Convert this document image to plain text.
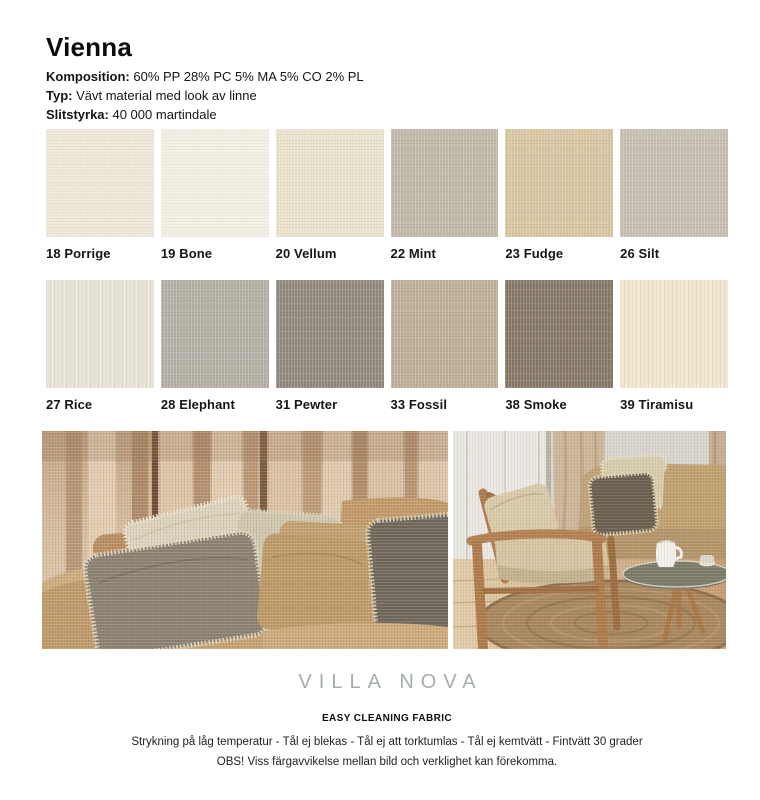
Vienna
Komposition: 60% PP 28% PC 5% MA 5% CO 2% PL
Typ: Vävt material med look av linne
Slitstyrka: 40 000 martindale
18 Porrige	19 Bone	20 Vellum	22 Mint	23 Fudge	26 Silt
27 Rice	28 Elephant	31 Pewter	33 Fossil	38 Smoke	39 Tiramisu
VILLA NOVA
EASY CLEANING FABRIC
Strykning på låg temperatur - Tål ej blekas - Tål ej att torktumlas - Tål ej kemtvätt - Fintvätt 30 grader
OBS! Viss färgavvikelse mellan bild och verklighet kan förekomma.
